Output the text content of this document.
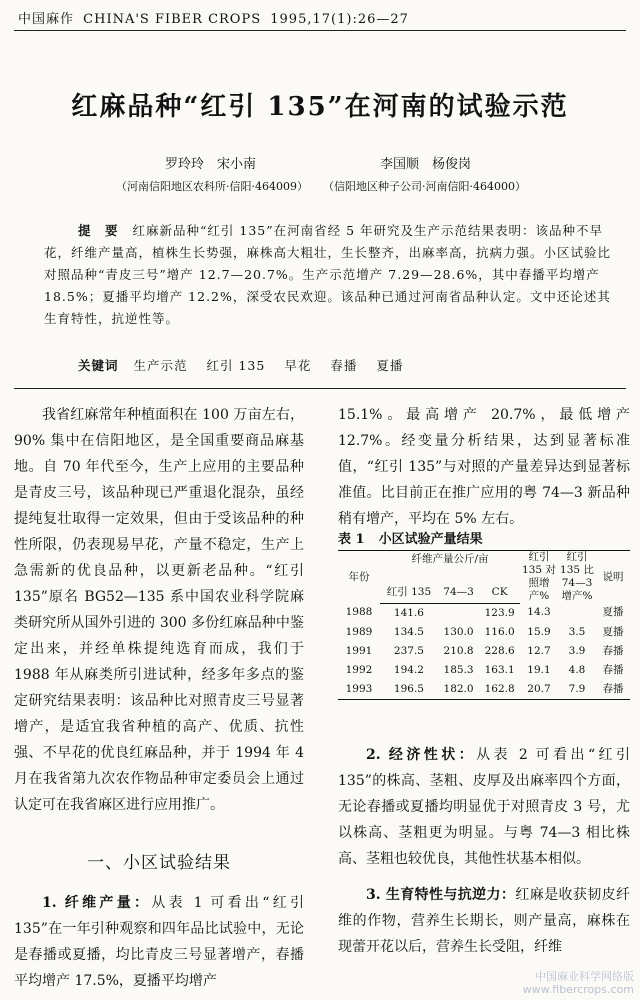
中国麻作 CHINA'S FIBER CROPS 1995,17(1):26—27
红麻品种“红引 135”在河南的试验示范
罗玲玲　宋小南	李国顺　杨俊岗
（河南信阳地区农科所·信阳·464009） （信阳地区种子公司·河南信阳·464000）
提　要 红麻新品种“红引 135”在河南省经 5 年研究及生产示范结果表明：该品种不早花，纤维产量高，植株生长势强，麻株高大粗壮，生长整齐，出麻率高，抗病力强。小区试验比对照品种“青皮三号”增产 12.7—20.7%。生产示范增产 7.29—28.6%，其中春播平均增产 18.5%；夏播平均增产 12.2%，深受农民欢迎。该品种已通过河南省品种认定。文中还论述其生育特性，抗逆性等。
关键词 生产示范 红引 135 早花 春播 夏播

我省红麻常年种植面积在 100 万亩左右，90% 集中在信阳地区，是全国重要商品麻基地。自 70 年代至今，生产上应用的主要品种是青皮三号，该品种现已严重退化混杂，虽经提纯复壮取得一定效果，但由于受该品种的种性所限，仍表现易早花，产量不稳定，生产上急需新的优良品种，以更新老品种。“红引 135”原名 BG52—135 系中国农业科学院麻类研究所从国外引进的 300 多份红麻品种中鉴定出来，并经单株提纯选育而成，我们于 1988 年从麻类所引进试种，经多年多点的鉴定研究结果表明：该品种比对照青皮三号显著增产，是适宜我省种植的高产、优质、抗性强、不早花的优良红麻品种，并于 1994 年 4 月在我省第九次农作物品种审定委员会上通过认定可在我省麻区进行应用推广。

一、小区试验结果

1. 纤维产量：从表 1 可看出“红引 135”在一年引种观察和四年品比试验中，无论是春播或夏播，均比青皮三号显著增产，春播平均增产 17.5%，夏播平均增产

15.1%。最高增产 20.7%，最低增产 12.7%。经变量分析结果，达到显著标准值，“红引 135”与对照的产量差异达到显著标准值。比目前正在推广应用的粤 74—3 新品种稍有增产，平均在 5% 左右。
表 1 小区试验产量结果
年份	纤维产量公斤/亩			红引 135 对照增产%	红引 135 比 74—3 增产%	说明
	红引 135	74—3	CK			
1988	141.6		123.9	14.3		夏播
1989	134.5	130.0	116.0	15.9	3.5	夏播
1991	237.5	210.8	228.6	12.7	3.9	春播
1992	194.2	185.3	163.1	19.1	4.8	春播
1993	196.5	182.0	162.8	20.7	7.9	春播

2. 经济性状：从表 2 可看出“红引 135”的株高、茎粗、皮厚及出麻率四个方面，无论春播或夏播均明显优于对照青皮 3 号，尤以株高、茎粗更为明显。与粤 74—3 相比株高、茎粗也较优良，其他性状基本相似。

3. 生育特性与抗逆力：红麻是收获韧皮纤维的作物，营养生长期长，则产量高，麻株在现蕾开花以后，营养生长受阻，纤维

中国麻业科学网络版
www.fibercrops.com
